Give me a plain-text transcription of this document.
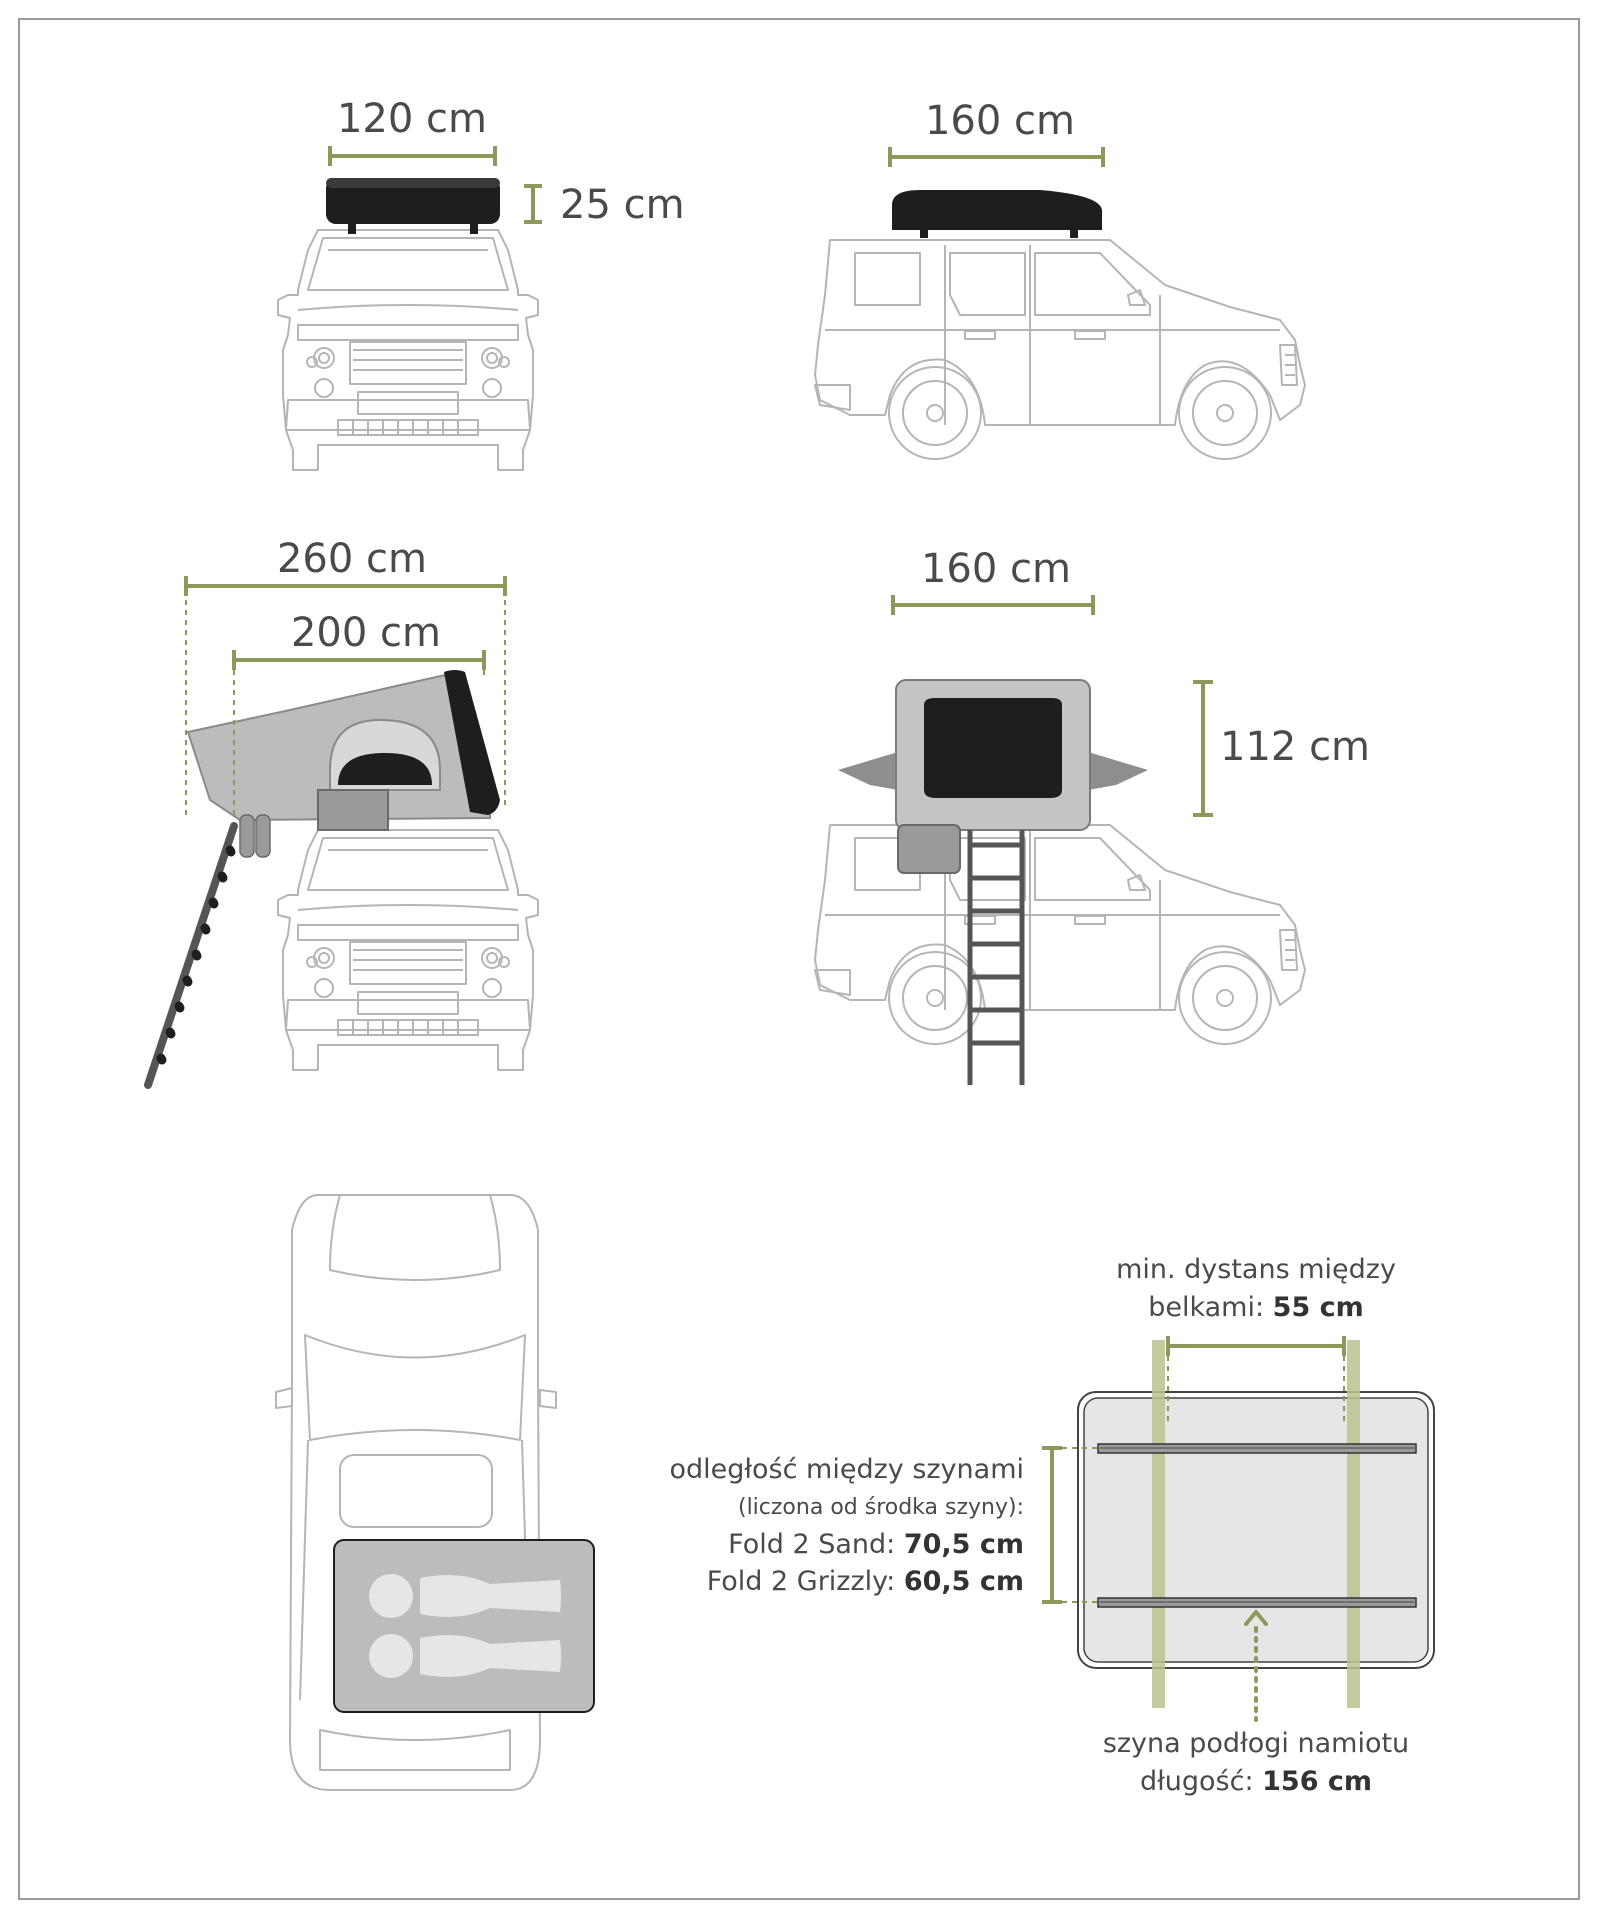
120 cm
25 cm
160 cm
260 cm
200 cm
160 cm
112 cm
min. dystans między
belkami: 55 cm
odległość między szynami
(liczona od środka szyny):
Fold 2 Sand: 70,5 cm
Fold 2 Grizzly: 60,5 cm
szyna podłogi namiotu
długość: 156 cm
